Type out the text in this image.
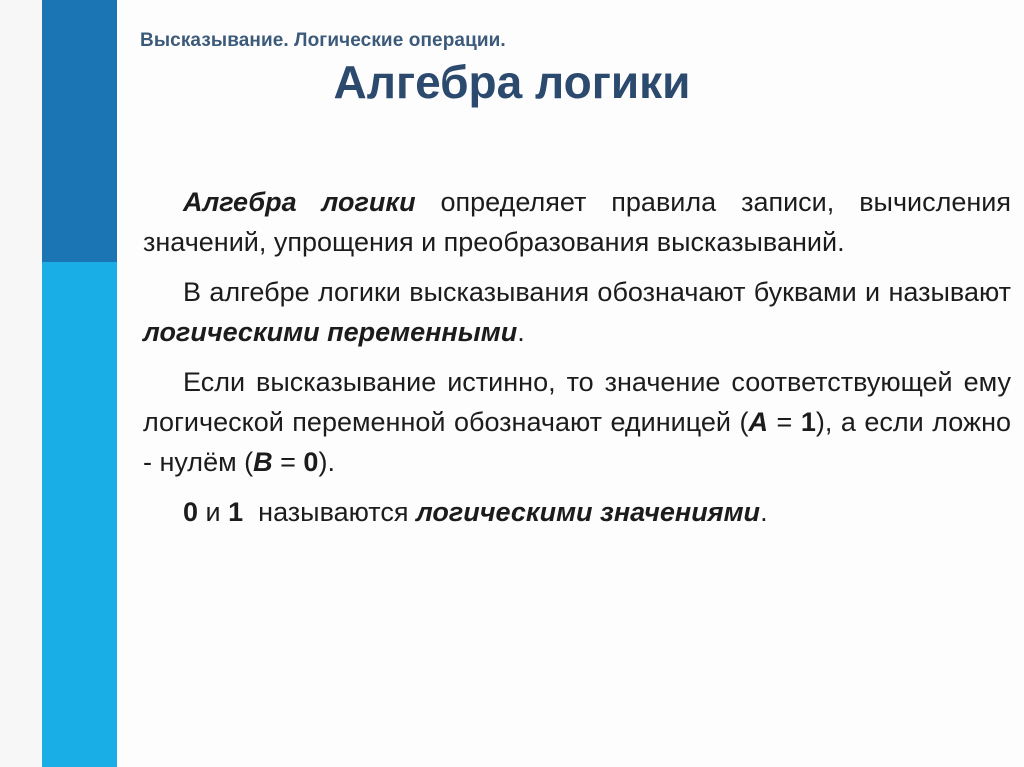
Высказывание. Логические операции.
Алгебра логики

Алгебра логики определяет правила записи, вычисления значений, упрощения и преобразования высказываний.

В алгебре логики высказывания обозначают буквами и называют логическими переменными.

Если высказывание истинно, то значение соответствующей ему логической переменной обозначают единицей (A = 1), а если ложно - нулём (B = 0).

0 и 1  называются логическими значениями.
